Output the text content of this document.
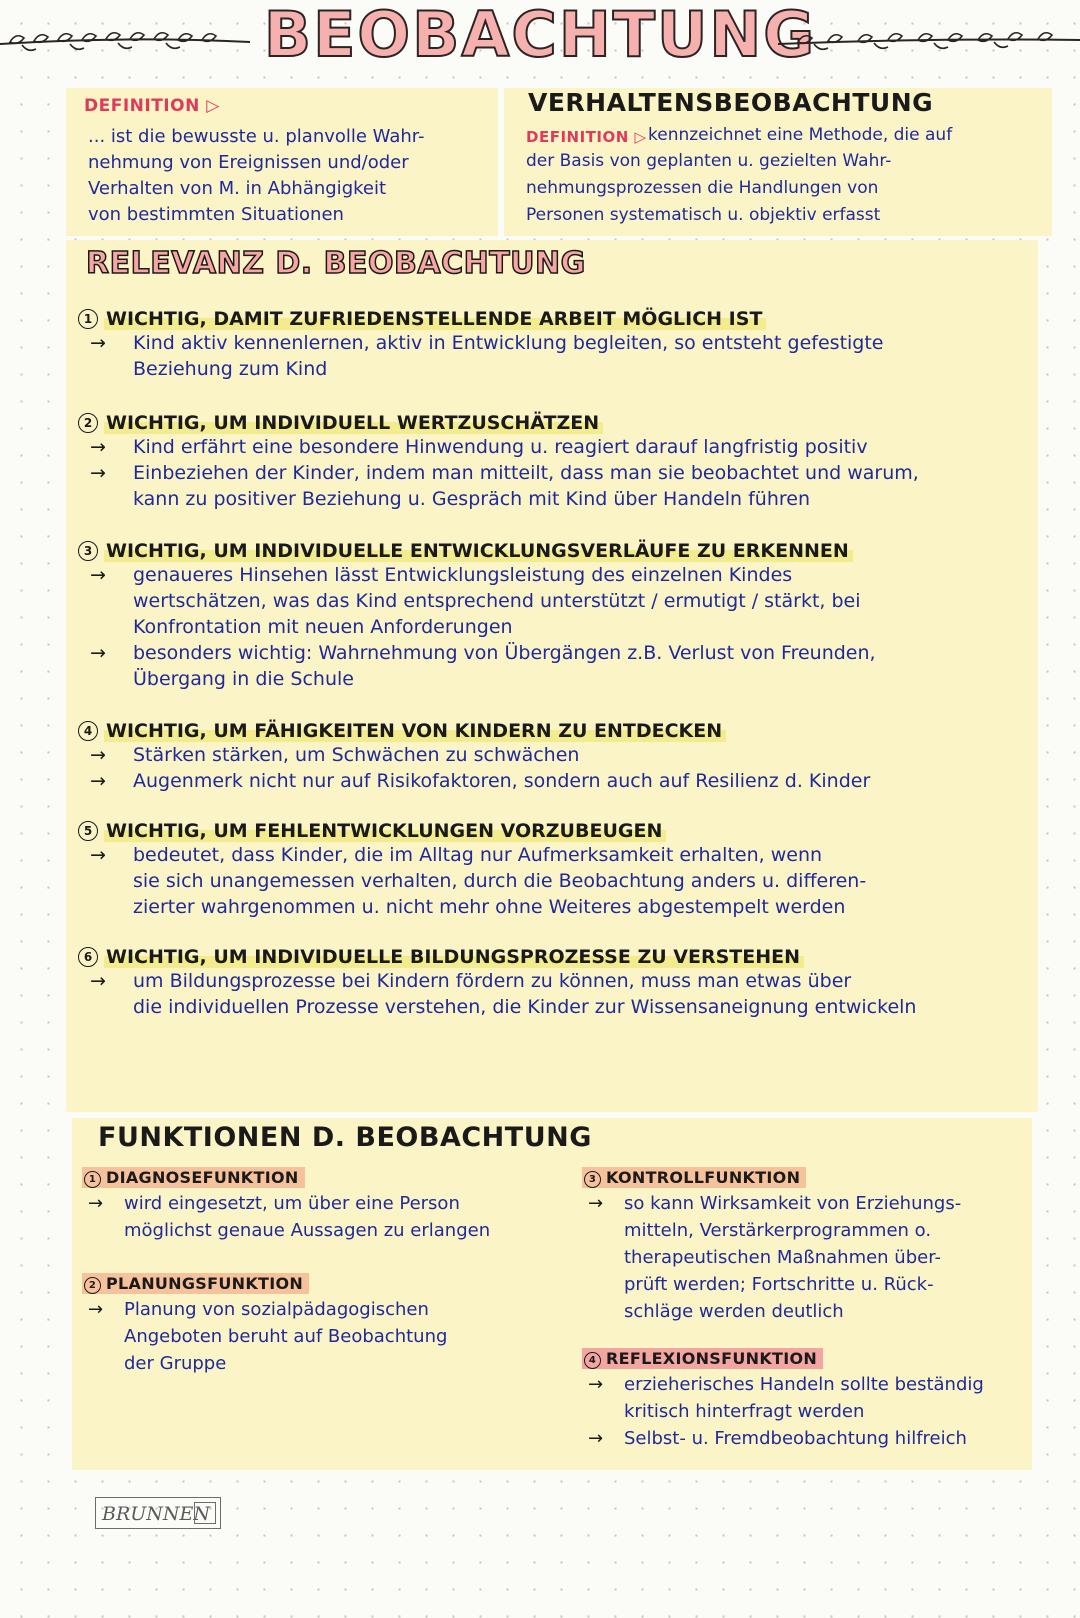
BEOBACHTUNG
DEFINITION ▷
... ist die bewusste u. planvolle Wahr-
nehmung von Ereignissen und/oder
Verhalten von M. in Abhängigkeit
von bestimmten Situationen
VERHALTENSBEOBACHTUNG
DEFINITION ▷ kennzeichnet eine Methode, die auf
der Basis von geplanten u. gezielten Wahr-
nehmungsprozessen die Handlungen von
Personen systematisch u. objektiv erfasst
RELEVANZ D. BEOBACHTUNG
1 WICHTIG, DAMIT ZUFRIEDENSTELLENDE ARBEIT MÖGLICH IST
→ Kind aktiv kennenlernen, aktiv in Entwicklung begleiten, so entsteht gefestigte
Beziehung zum Kind
2 WICHTIG, UM INDIVIDUELL WERTZUSCHÄTZEN
→ Kind erfährt eine besondere Hinwendung u. reagiert darauf langfristig positiv
→ Einbeziehen der Kinder, indem man mitteilt, dass man sie beobachtet und warum,
kann zu positiver Beziehung u. Gespräch mit Kind über Handeln führen
3 WICHTIG, UM INDIVIDUELLE ENTWICKLUNGSVERLÄUFE ZU ERKENNEN
→ genaueres Hinsehen lässt Entwicklungsleistung des einzelnen Kindes
wertschätzen, was das Kind entsprechend unterstützt / ermutigt / stärkt, bei
Konfrontation mit neuen Anforderungen
→ besonders wichtig: Wahrnehmung von Übergängen z.B. Verlust von Freunden,
Übergang in die Schule
4 WICHTIG, UM FÄHIGKEITEN VON KINDERN ZU ENTDECKEN
→ Stärken stärken, um Schwächen zu schwächen
→ Augenmerk nicht nur auf Risikofaktoren, sondern auch auf Resilienz d. Kinder
5 WICHTIG, UM FEHLENTWICKLUNGEN VORZUBEUGEN
→ bedeutet, dass Kinder, die im Alltag nur Aufmerksamkeit erhalten, wenn
sie sich unangemessen verhalten, durch die Beobachtung anders u. differen-
zierter wahrgenommen u. nicht mehr ohne Weiteres abgestempelt werden
6 WICHTIG, UM INDIVIDUELLE BILDUNGSPROZESSE ZU VERSTEHEN
→ um Bildungsprozesse bei Kindern fördern zu können, muss man etwas über
die individuellen Prozesse verstehen, die Kinder zur Wissensaneignung entwickeln
FUNKTIONEN D. BEOBACHTUNG
1 DIAGNOSEFUNKTION
→ wird eingesetzt, um über eine Person
möglichst genaue Aussagen zu erlangen
2 PLANUNGSFUNKTION
→ Planung von sozialpädagogischen
Angeboten beruht auf Beobachtung
der Gruppe
3 KONTROLLFUNKTION
→ so kann Wirksamkeit von Erziehungs-
mitteln, Verstärkerprogrammen o.
therapeutischen Maßnahmen über-
prüft werden; Fortschritte u. Rück-
schläge werden deutlich
4 REFLEXIONSFUNKTION
→ erzieherisches Handeln sollte beständig
kritisch hinterfragt werden
→ Selbst- u. Fremdbeobachtung hilfreich
BRUNNEN
